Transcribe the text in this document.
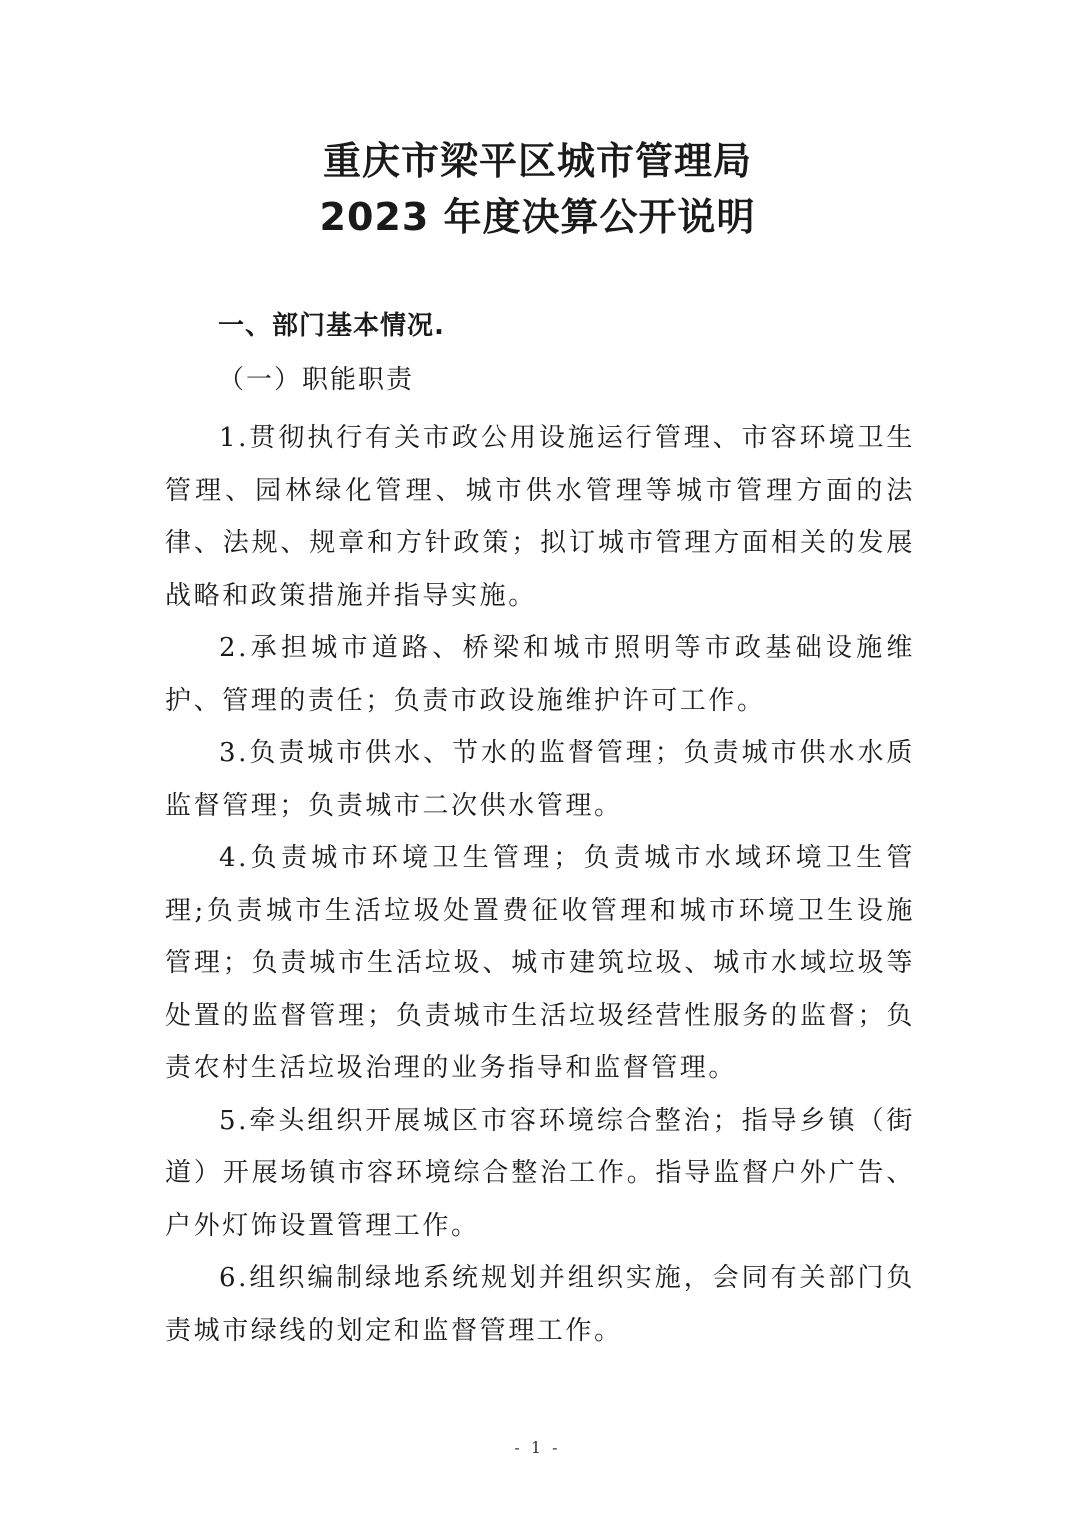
重庆市梁平区城市管理局
2023 年度决算公开说明
一、部门基本情况.
（一）职能职责

1.贯彻执行有关市政公用设施运行管理、市容环境卫生管理、园林绿化管理、城市供水管理等城市管理方面的法律、法规、规章和方针政策；拟订城市管理方面相关的发展战略和政策措施并指导实施。

2.承担城市道路、桥梁和城市照明等市政基础设施维护、管理的责任；负责市政设施维护许可工作。

3.负责城市供水、节水的监督管理；负责城市供水水质监督管理；负责城市二次供水管理。

4.负责城市环境卫生管理；负责城市水域环境卫生管理;负责城市生活垃圾处置费征收管理和城市环境卫生设施管理；负责城市生活垃圾、城市建筑垃圾、城市水域垃圾等处置的监督管理；负责城市生活垃圾经营性服务的监督；负责农村生活垃圾治理的业务指导和监督管理。

5.牵头组织开展城区市容环境综合整治；指导乡镇（街道）开展场镇市容环境综合整治工作。指导监督户外广告、户外灯饰设置管理工作。

6.组织编制绿地系统规划并组织实施，会同有关部门负责城市绿线的划定和监督管理工作。

- 1 -
